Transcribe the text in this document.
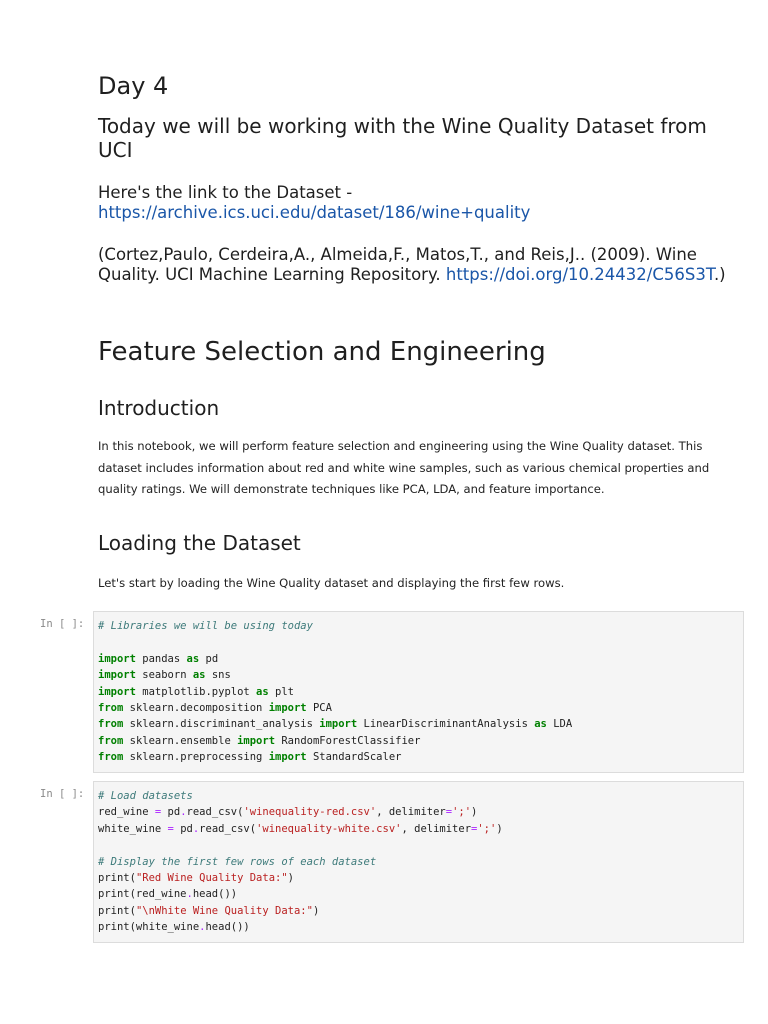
Day 4
Today we will be working with the Wine Quality Dataset from UCI
Here's the link to the Dataset -
https://archive.ics.uci.edu/dataset/186/wine+quality
(Cortez,Paulo, Cerdeira,A., Almeida,F., Matos,T., and Reis,J.. (2009). Wine Quality. UCI Machine Learning Repository. https://doi.org/10.24432/C56S3T.)
Feature Selection and Engineering
Introduction

In this notebook, we will perform feature selection and engineering using the Wine Quality dataset. This dataset includes information about red and white wine samples, such as various chemical properties and quality ratings. We will demonstrate techniques like PCA, LDA, and feature importance.

Loading the Dataset

Let's start by loading the Wine Quality dataset and displaying the first few rows.

In [ ]:	# Libraries we will be using today
import pandas as pd
import seaborn as sns
import matplotlib.pyplot as plt
from sklearn.decomposition import PCA
from sklearn.discriminant_analysis import LinearDiscriminantAnalysis as LDA
from sklearn.ensemble import RandomForestClassifier
from sklearn.preprocessing import StandardScaler
In [ ]:	# Load datasets
red_wine = pd.read_csv('winequality-red.csv', delimiter=';')
white_wine = pd.read_csv('winequality-white.csv', delimiter=';')
# Display the first few rows of each dataset
print("Red Wine Quality Data:")
print(red_wine.head())
print("\nWhite Wine Quality Data:")
print(white_wine.head())
